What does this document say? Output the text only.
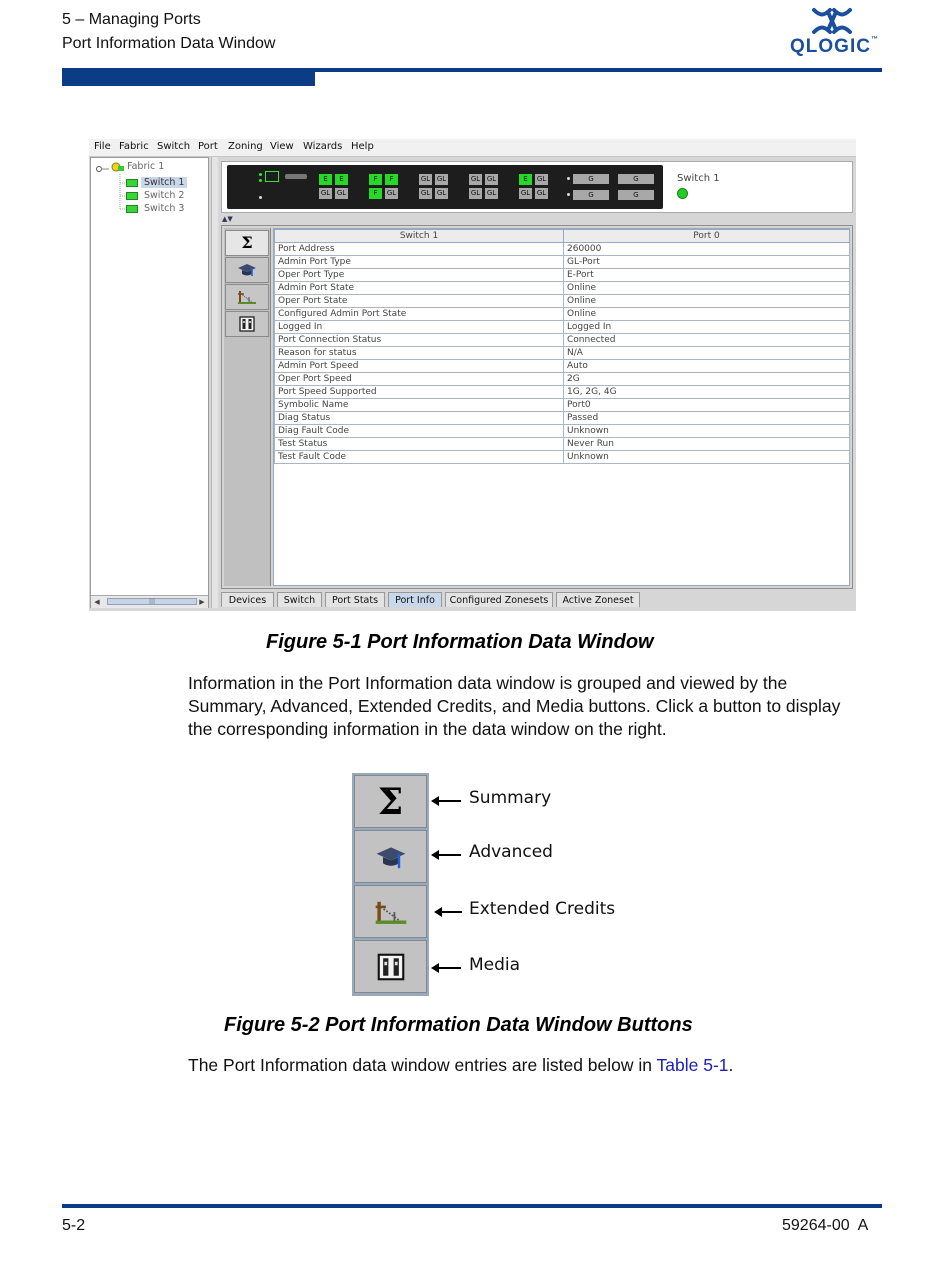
5 – Managing Ports
Port Information Data Window	QLOGIC™
File Fabric Switch Port Zoning View Wizards Help
Fabric 1
Switch 1
Switch 2
Switch 3
◀	|||	▶
E	E
GL GL
F	F
F	GL
GL GL
GL GL
GL GL
GL GL
E	GL
GL GL
G	G
G	G
Switch 1
▲▼
Σ	Switch 1	Port 0
Port Address	260000
Admin Port Type	GL-Port
Oper Port Type	E-Port
Admin Port State	Online
Oper Port State	Online
Configured Admin Port State	Online
Logged In	Logged In
Port Connection Status	Connected
Reason for status	N/A
Admin Port Speed	Auto
Oper Port Speed	2G
Port Speed Supported	1G, 2G, 4G
Symbolic Name	Port0
Diag Status	Passed
Diag Fault Code	Unknown
Test Status	Never Run
Test Fault Code	Unknown
Devices	Switch	Port Stats	Port Info	Configured Zonesets	Active Zoneset
Figure 5-1 Port Information Data Window
Information in the Port Information data window is grouped and viewed by the Summary, Advanced, Extended Credits, and Media buttons. Click a button to display the corresponding information in the data window on the right.
Σ	Summary
Advanced
Extended Credits
Media
Figure 5-2 Port Information Data Window Buttons
The Port Information data window entries are listed below in Table 5-1.
5-2	59264-00  A
